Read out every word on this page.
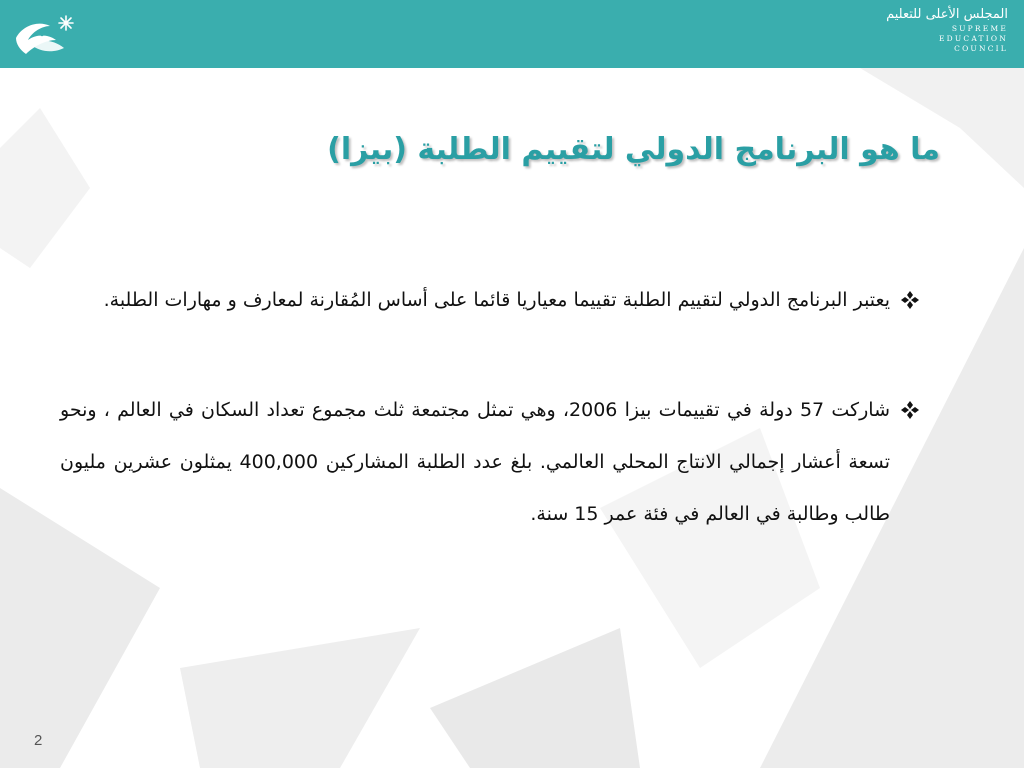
المجلس الأعلى للتعليم
SUPREME
EDUCATION
COUNCIL
ما هو البرنامج الدولي لتقييم الطلبة (بيزا)
يعتبر البرنامج الدولي لتقييم الطلبة تقييما معياريا قائما على أساس المُقارنة لمعارف و مهارات الطلبة.
شاركت 57 دولة في تقييمات بيزا 2006، وهي تمثل مجتمعة ثلث مجموع تعداد السكان في العالم ، ونحو تسعة أعشار إجمالي الانتاج المحلي العالمي. بلغ عدد الطلبة المشاركين 400,000 يمثلون عشرين مليون طالب وطالبة في العالم في فئة عمر 15 سنة.
2
